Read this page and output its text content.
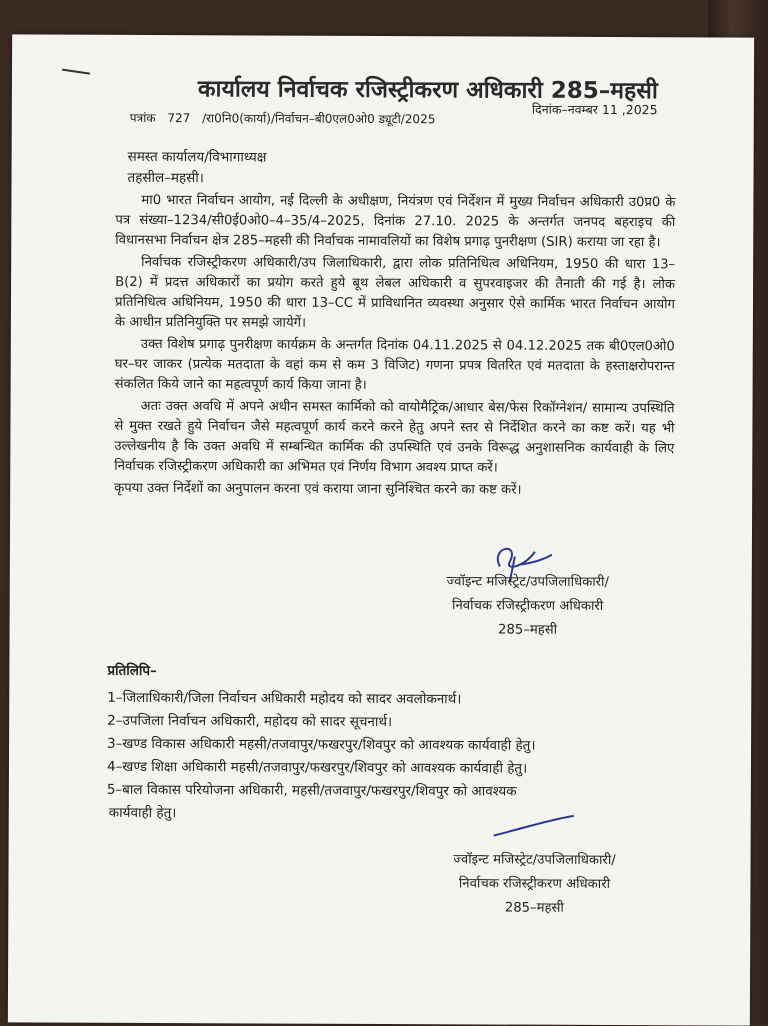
कार्यालय निर्वाचक रजिस्ट्रीकरण अधिकारी 285–महसी
पत्रांक 727 /रा0नि0(कार्या)/निर्वाचन–बी0एल0ओ0 ड्यूटी/2025
दिनांक–नवम्बर 11 ,2025
समस्त कार्यालय/विभागाध्यक्ष
तहसील–महसी।

मा0 भारत निर्वाचन आयोग, नई दिल्ली के अधीक्षण, नियंत्रण एवं निर्देशन में मुख्य निर्वाचन अधिकारी उ0प्र0 के पत्र संख्या–1234/सी0ई0ओ0–4–35/4–2025, दिनांक 27.10. 2025 के अन्तर्गत जनपद बहराइच की विधानसभा निर्वाचन क्षेत्र 285–महसी की निर्वाचक नामावलियों का विशेष प्रगाढ़ पुनरीक्षण (SIR) कराया जा रहा है।

निर्वाचक रजिस्ट्रीकरण अधिकारी/उप जिलाधिकारी, द्वारा लोक प्रतिनिधित्व अधिनियम, 1950 की धारा 13–B(2) में प्रदत्त अधिकारों का प्रयोग करते हुये बूथ लेबल अधिकारी व सुपरवाइजर की तैनाती की गई है। लोक प्रतिनिधित्व अधिनियम, 1950 की धारा 13–CC में प्राविधानित व्यवस्था अनुसार ऐसे कार्मिक भारत निर्वाचन आयोग के आधीन प्रतिनियुक्ति पर समझे जायेगें।

उक्त विशेष प्रगाढ़ पुनरीक्षण कार्यक्रम के अन्तर्गत दिनांक 04.11.2025 से 04.12.2025 तक बी0एल0ओ0 घर–घर जाकर (प्रत्येक मतदाता के वहां कम से कम 3 विजिट) गणना प्रपत्र वितरित एवं मतदाता के हस्ताक्षरोपरान्त संकलित किये जाने का महत्वपूर्ण कार्य किया जाना है।

अतः उक्त अवधि में अपने अधीन समस्त कार्मिको को वायोमैट्रिक/आधार बेस/फेस रिकॉग्नेशन/ सामान्य उपस्थिति से मुक्त रखते हुये निर्वाचन जैसे महत्वपूर्ण कार्य करने करने हेतु अपने स्तर से निर्देशित करने का कष्ट करें। यह भी उल्लेखनीय है कि उक्त अवधि में सम्बन्धित कार्मिक की उपस्थिति एवं उनके विरूद्ध अनुशासनिक कार्यवाही के लिए निर्वाचक रजिस्ट्रीकरण अधिकारी का अभिमत एवं निर्णय विभाग अवश्य प्राप्त करें।

कृपया उक्त निर्देशों का अनुपालन करना एवं कराया जाना सुनिश्चित करने का कष्ट करें।

ज्वॉइन्ट मजिस्ट्रेट/उपजिलाधिकारी/
निर्वाचक रजिस्ट्रीकरण अधिकारी
285–महसी
प्रतिलिपि–
1–जिलाधिकारी/जिला निर्वाचन अधिकारी महोदय को सादर अवलोकनार्थ।
2–उपजिला निर्वाचन अधिकारी, महोदय को सादर सूचनार्थ।
3–खण्ड विकास अधिकारी महसी/तजवापुर/फखरपुर/शिवपुर को आवश्यक कार्यवाही हेतु।
4–खण्ड शिक्षा अधिकारी महसी/तजवापुर/फखरपुर/शिवपुर को आवश्यक कार्यवाही हेतु।
5–बाल विकास परियोजना अधिकारी, महसी/तजवापुर/फखरपुर/शिवपुर को आवश्यक
कार्यवाही हेतु।
ज्वॉइन्ट मजिस्ट्रेट/उपजिलाधिकारी/
निर्वाचक रजिस्ट्रीकरण अधिकारी
285–महसी
